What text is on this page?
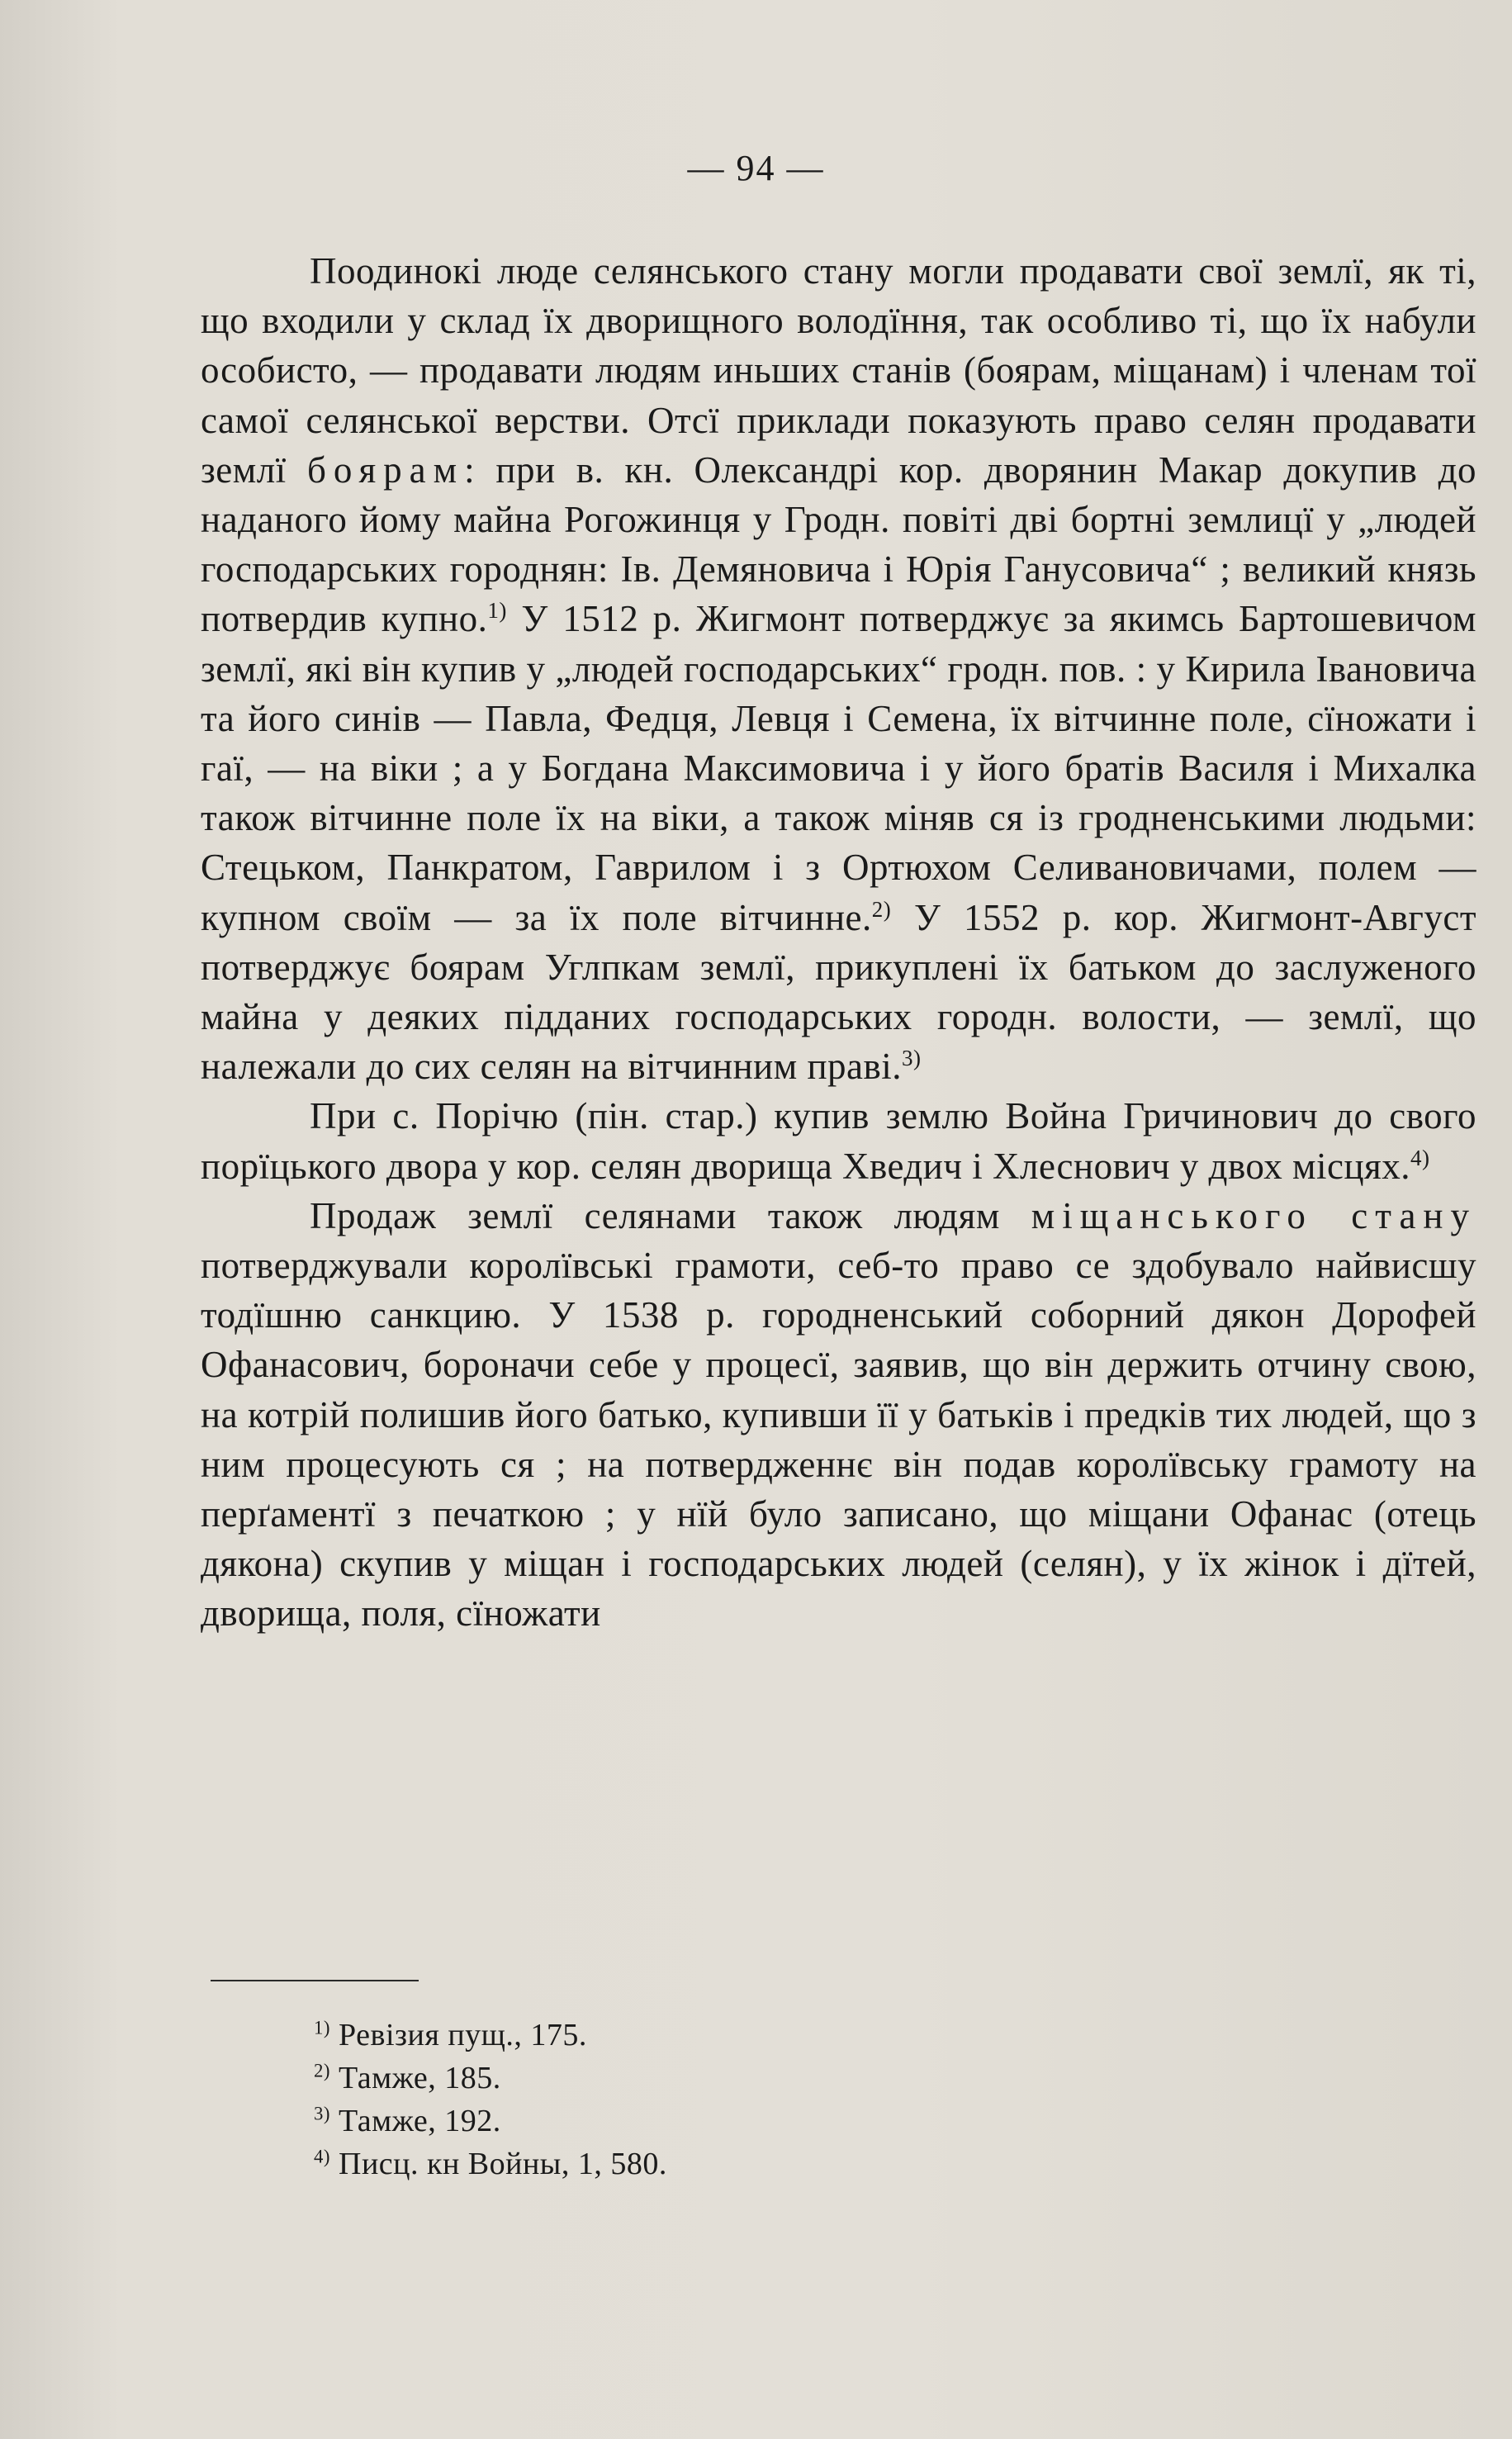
— 94 —

Поодинокі люде селянського стану могли продавати свої землї, як ті, що входили у склад їх дворищного володїння, так особливо ті, що їх набули особисто, — продавати людям иньших станів (боярам, міщанам) і членам тої самої селянської верстви. Отсї приклади показують право селян продавати землї боярам: при в. кн. Олександрі кор. дворянин Макар докупив до наданого йому майна Рогожинця у Гродн. повіті дві бортні землицї у „людей господарських городнян: Ів. Демяновича і Юрія Ганусовича“ ; великий князь потвердив купно.$^{1)}$ У 1512 р. Жигмонт потверджує за якимсь Бартошевичом землї, які він купив у „людей господарських“ гродн. пов. : у Кирила Івановича та його синів — Павла, Федця, Левця і Семена, їх вітчинне поле, сїножати і гаї, — на віки ; а у Богдана Максимовича і у його братів Василя і Михалка також вітчинне поле їх на віки, а також міняв ся із гродненськими людьми: Стецьком, Панкратом, Гаврилом і з Ортюхом Селивановичами, полем — купном своїм — за їх поле вітчинне.$^{2)}$ У 1552 р. кор. Жигмонт-Август потверджує боярам Углпкам землї, прикуплені їх батьком до заслуженого майна у деяких підданих господарських городн. волости, — землї, що належали до сих селян на вітчинним праві.$^{3)}$

При с. Порічю (пін. стар.) купив землю Война Гричинович до свого порїцького двора у кор. селян дворища Хведич і Хлеснович у двох місцях.$^{4)}$

Продаж землї селянами також людям міщанського стану потверджували королївські грамоти, себ-то право се здобувало найвисшу тодїшню санкцию. У 1538 р. городненський соборний дякон Дорофей Офанасович, бороначи себе у процесї, заявив, що він держить отчину свою, на котрій полишив його батько, купивши її у батьків і предків тих людей, що з ним процесують ся ; на потвердженнє він подав королївську грамоту на перґаментї з печаткою ; у нїй було записано, що міщани Офанас (отець дякона) скупив у міщан і господарських людей (селян), у їх жінок і дїтей, дворища, поля, сїножати

$^{1)}$ Ревізия пущ., 175.
$^{2)}$ Тамже, 185.
$^{3)}$ Тамже, 192.
$^{4)}$ Писц. кн Войны, 1, 580.
